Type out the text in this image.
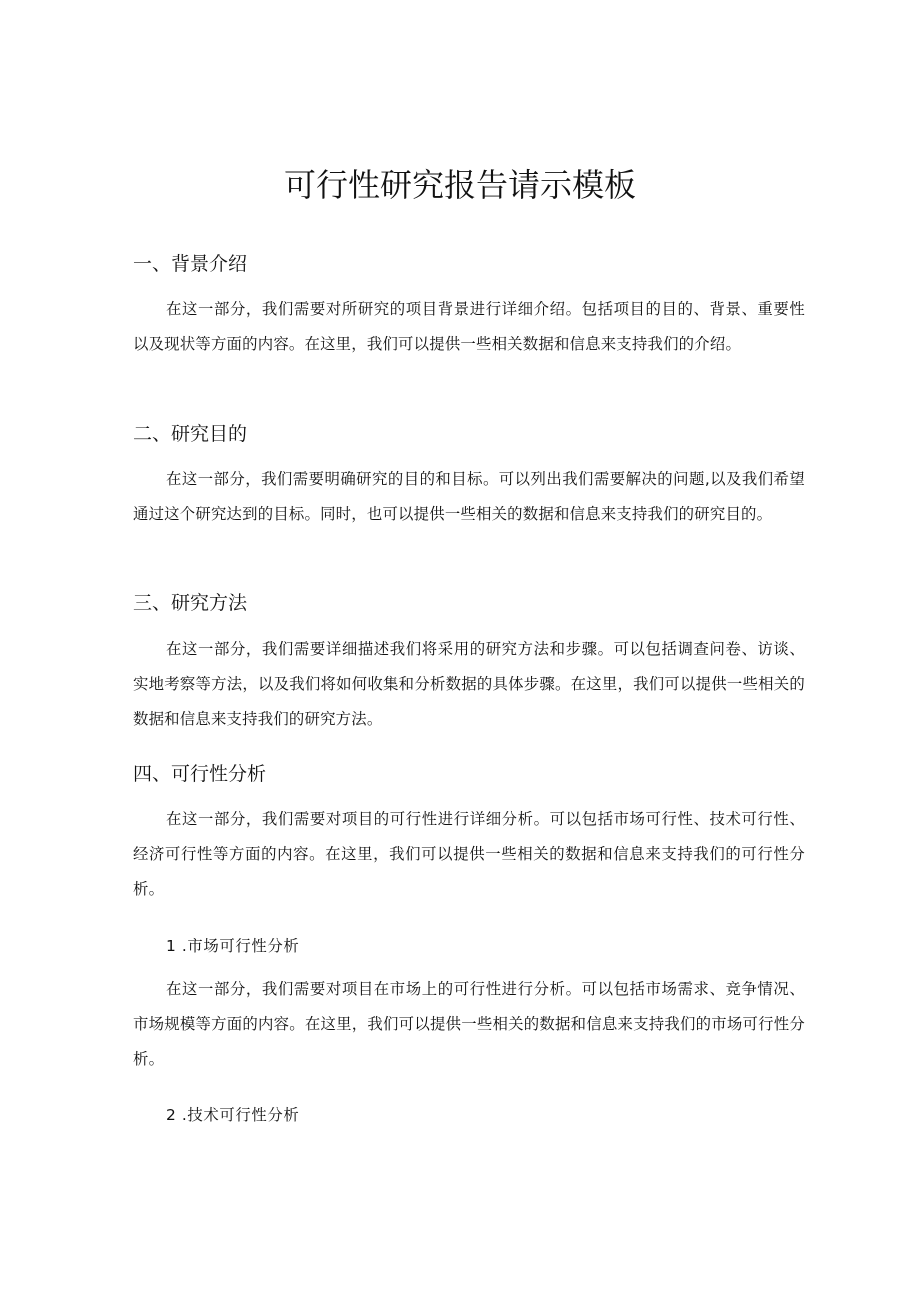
可行性研究报告请示模板
一、背景介绍

在这一部分，我们需要对所研究的项目背景进行详细介绍。包括项目的目的、背景、重要性以及现状等方面的内容。在这里，我们可以提供一些相关数据和信息来支持我们的介绍。

二、研究目的

在这一部分，我们需要明确研究的目的和目标。可以列出我们需要解决的问题,以及我们希望通过这个研究达到的目标。同时，也可以提供一些相关的数据和信息来支持我们的研究目的。

三、研究方法

在这一部分，我们需要详细描述我们将采用的研究方法和步骤。可以包括调查问卷、访谈、实地考察等方法，以及我们将如何收集和分析数据的具体步骤。在这里，我们可以提供一些相关的数据和信息来支持我们的研究方法。

四、可行性分析

在这一部分，我们需要对项目的可行性进行详细分析。可以包括市场可行性、技术可行性、经济可行性等方面的内容。在这里，我们可以提供一些相关的数据和信息来支持我们的可行性分析。

1 .市场可行性分析

在这一部分，我们需要对项目在市场上的可行性进行分析。可以包括市场需求、竞争情况、市场规模等方面的内容。在这里，我们可以提供一些相关的数据和信息来支持我们的市场可行性分析。

2 .技术可行性分析
